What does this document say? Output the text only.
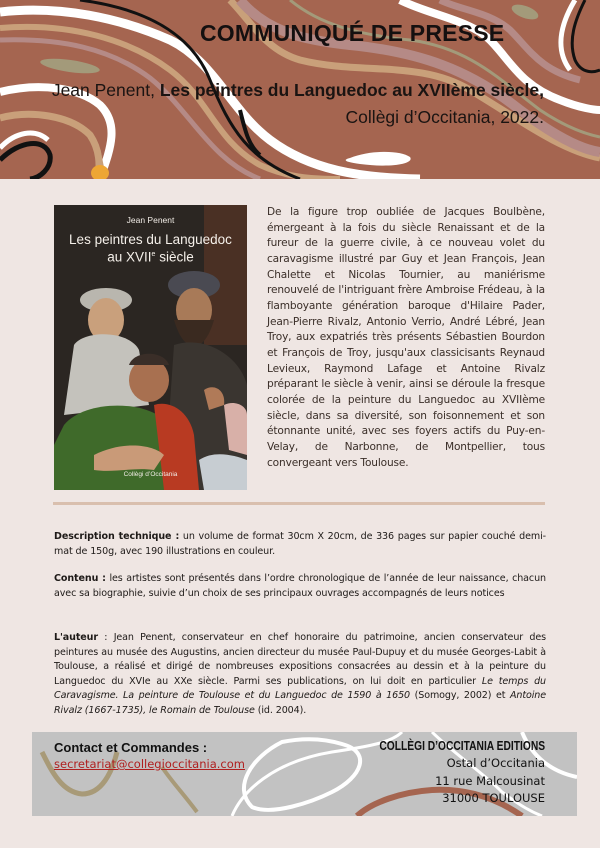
COMMUNIQUÉ DE PRESSE
Jean Penent, Les peintres du Languedoc au XVIIème siècle,
Collègi d’Occitania, 2022.
Jean Penent
Les peintres du Languedoc
au XVIIe siècle
Collègi d’Occitania
De la figure trop oubliée de Jacques Boulbène, émergeant à la fois du siècle Renaissant et de la fureur de la guerre civile, à ce nouveau volet du caravagisme illustré par Guy et Jean François, Jean Chalette et Nicolas Tournier, au maniérisme renouvelé de l'intriguant frère Ambroise Frédeau, à la flamboyante génération baroque d'Hilaire Pader, Jean-Pierre Rivalz, Antonio Verrio, André Lébré, Jean Troy, aux expatriés très présents Sébastien Bourdon et François de Troy, jusqu'aux classicisants Reynaud Levieux, Raymond Lafage et Antoine Rivalz préparant le siècle à venir, ainsi se déroule la fresque colorée de la peinture du Languedoc au XVIIème siècle, dans sa diversité, son foisonnement et son étonnante unité, avec ses foyers actifs du Puy-en-Velay, de Narbonne, de Montpellier, tous convergeant vers Toulouse.
Description technique : un volume de format 30cm X 20cm, de 336 pages sur papier couché demi-mat de 150g, avec 190 illustrations en couleur.
Contenu : les artistes sont présentés dans l’ordre chronologique de l’année de leur naissance, chacun avec sa biographie, suivie d’un choix de ses principaux ouvrages accompagnés de leurs notices
L'auteur : Jean Penent, conservateur en chef honoraire du patrimoine, ancien conservateur des peintures au musée des Augustins, ancien directeur du musée Paul-Dupuy et du musée Georges-Labit à Toulouse, a réalisé et dirigé de nombreuses expositions consacrées au dessin et à la peinture du Languedoc du XVIe au XXe siècle. Parmi ses publications, on lui doit en particulier Le temps du Caravagisme. La peinture de Toulouse et du Languedoc de 1590 à 1650 (Somogy, 2002) et Antoine Rivalz (1667-1735), le Romain de Toulouse (id. 2004).
Contact et Commandes :
secretariat@collegioccitania.com
COLLÈGI D’OCCITANIA EDITIONS
Ostal d’Occitania
11 rue Malcousinat
31000 TOULOUSE
